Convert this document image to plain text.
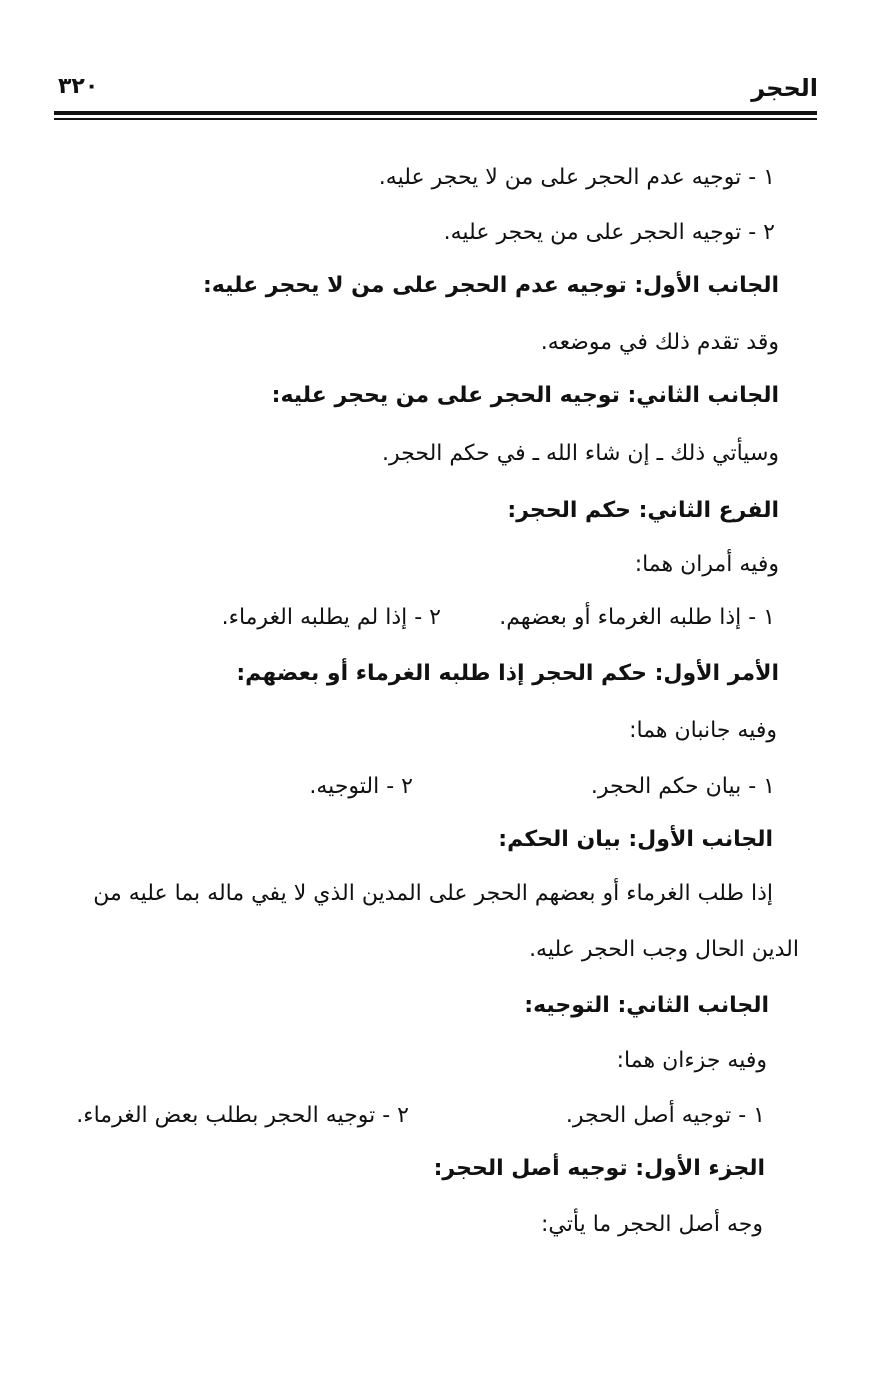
٣٢٠	الحجر
١ - توجيه عدم الحجر على من لا يحجر عليه.
٢ - توجيه الحجر على من يحجر عليه.
الجانب الأول: توجيه عدم الحجر على من لا يحجر عليه:
وقد تقدم ذلك في موضعه.
الجانب الثاني: توجيه الحجر على من يحجر عليه:
وسيأتي ذلك ـ إن شاء الله ـ في حكم الحجر.
الفرع الثاني: حكم الحجر:
وفيه أمران هما:
١ - إذا طلبه الغرماء أو بعضهم.
٢ - إذا لم يطلبه الغرماء.
الأمر الأول: حكم الحجر إذا طلبه الغرماء أو بعضهم:
وفيه جانبان هما:
١ - بيان حكم الحجر.
٢ - التوجيه.
الجانب الأول: بيان الحكم:
إذا طلب الغرماء أو بعضهم الحجر على المدين الذي لا يفي ماله بما عليه من
الدين الحال وجب الحجر عليه.
الجانب الثاني: التوجيه:
وفيه جزءان هما:
١ - توجيه أصل الحجر.
٢ - توجيه الحجر بطلب بعض الغرماء.
الجزء الأول: توجيه أصل الحجر:
وجه أصل الحجر ما يأتي:
